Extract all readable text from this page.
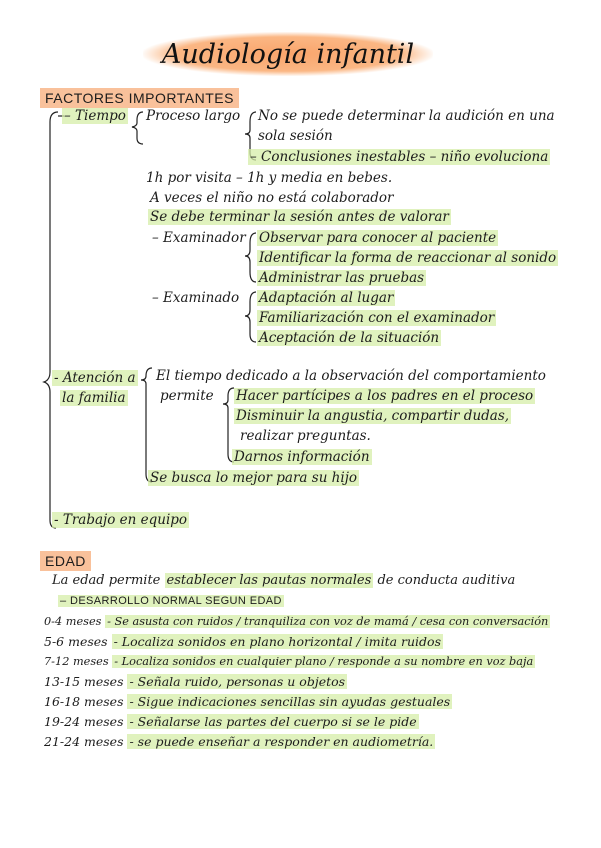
Audiología infantil
FACTORES IMPORTANTES
– Tiempo Proceso largo No se puede determinar la audición en una
sola sesión
– Conclusiones inestables – niño evoluciona
1h por visita – 1h y media en bebes.
A veces el niño no está colaborador
Se debe terminar la sesión antes de valorar
– Examinador Observar para conocer al paciente
Identificar la forma de reaccionar al sonido
Administrar las pruebas
– Examinado Adaptación al lugar
Familiarización con el examinador
Aceptación de la situación
- Atención a
la familia
El tiempo dedicado a la observación del comportamiento
permite Hacer partícipes a los padres en el proceso
Disminuir la angustia, compartir dudas,
realizar preguntas.
Darnos información
Se busca lo mejor para su hijo
- Trabajo en equipo
EDAD
La edad permite establecer las pautas normales de conducta auditiva
– DESARROLLO NORMAL SEGUN EDAD
0-4 meses - Se asusta con ruidos / tranquiliza con voz de mamá / cesa con conversación
5-6 meses - Localiza sonidos en plano horizontal / imita ruidos
7-12 meses - Localiza sonidos en cualquier plano / responde a su nombre en voz baja
13-15 meses - Señala ruido, personas u objetos
16-18 meses - Sigue indicaciones sencillas sin ayudas gestuales
19-24 meses - Señalarse las partes del cuerpo si se le pide
21-24 meses - se puede enseñar a responder en audiometría.
